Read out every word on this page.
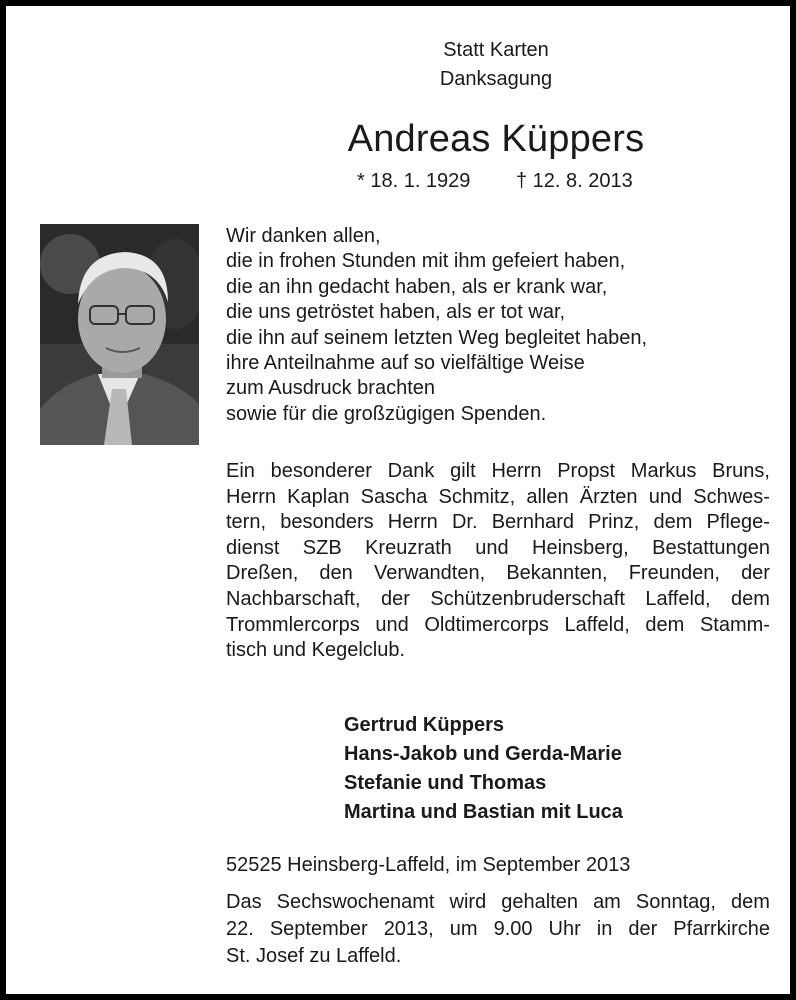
Statt Karten
Danksagung
Andreas Küppers
* 18. 1. 1929 † 12. 8. 2013
Wir danken allen,
die in frohen Stunden mit ihm gefeiert haben,
die an ihn gedacht haben, als er krank war,
die uns getröstet haben, als er tot war,
die ihn auf seinem letzten Weg begleitet haben,
ihre Anteilnahme auf so vielfältige Weise
zum Ausdruck brachten
sowie für die großzügigen Spenden.
Ein besonderer Dank gilt Herrn Propst Markus Bruns,
Herrn Kaplan Sascha Schmitz, allen Ärzten und Schwes-
tern, besonders Herrn Dr. Bernhard Prinz, dem Pflege-
dienst SZB Kreuzrath und Heinsberg, Bestattungen
Dreßen, den Verwandten, Bekannten, Freunden, der
Nachbarschaft, der Schützenbruderschaft Laffeld, dem
Trommlercorps und Oldtimercorps Laffeld, dem Stamm-
tisch und Kegelclub.
Gertrud Küppers
Hans-Jakob und Gerda-Marie
Stefanie und Thomas
Martina und Bastian mit Luca
52525 Heinsberg-Laffeld, im September 2013
Das Sechswochenamt wird gehalten am Sonntag, dem
22. September 2013, um 9.00 Uhr in der Pfarrkirche
St. Josef zu Laffeld.
